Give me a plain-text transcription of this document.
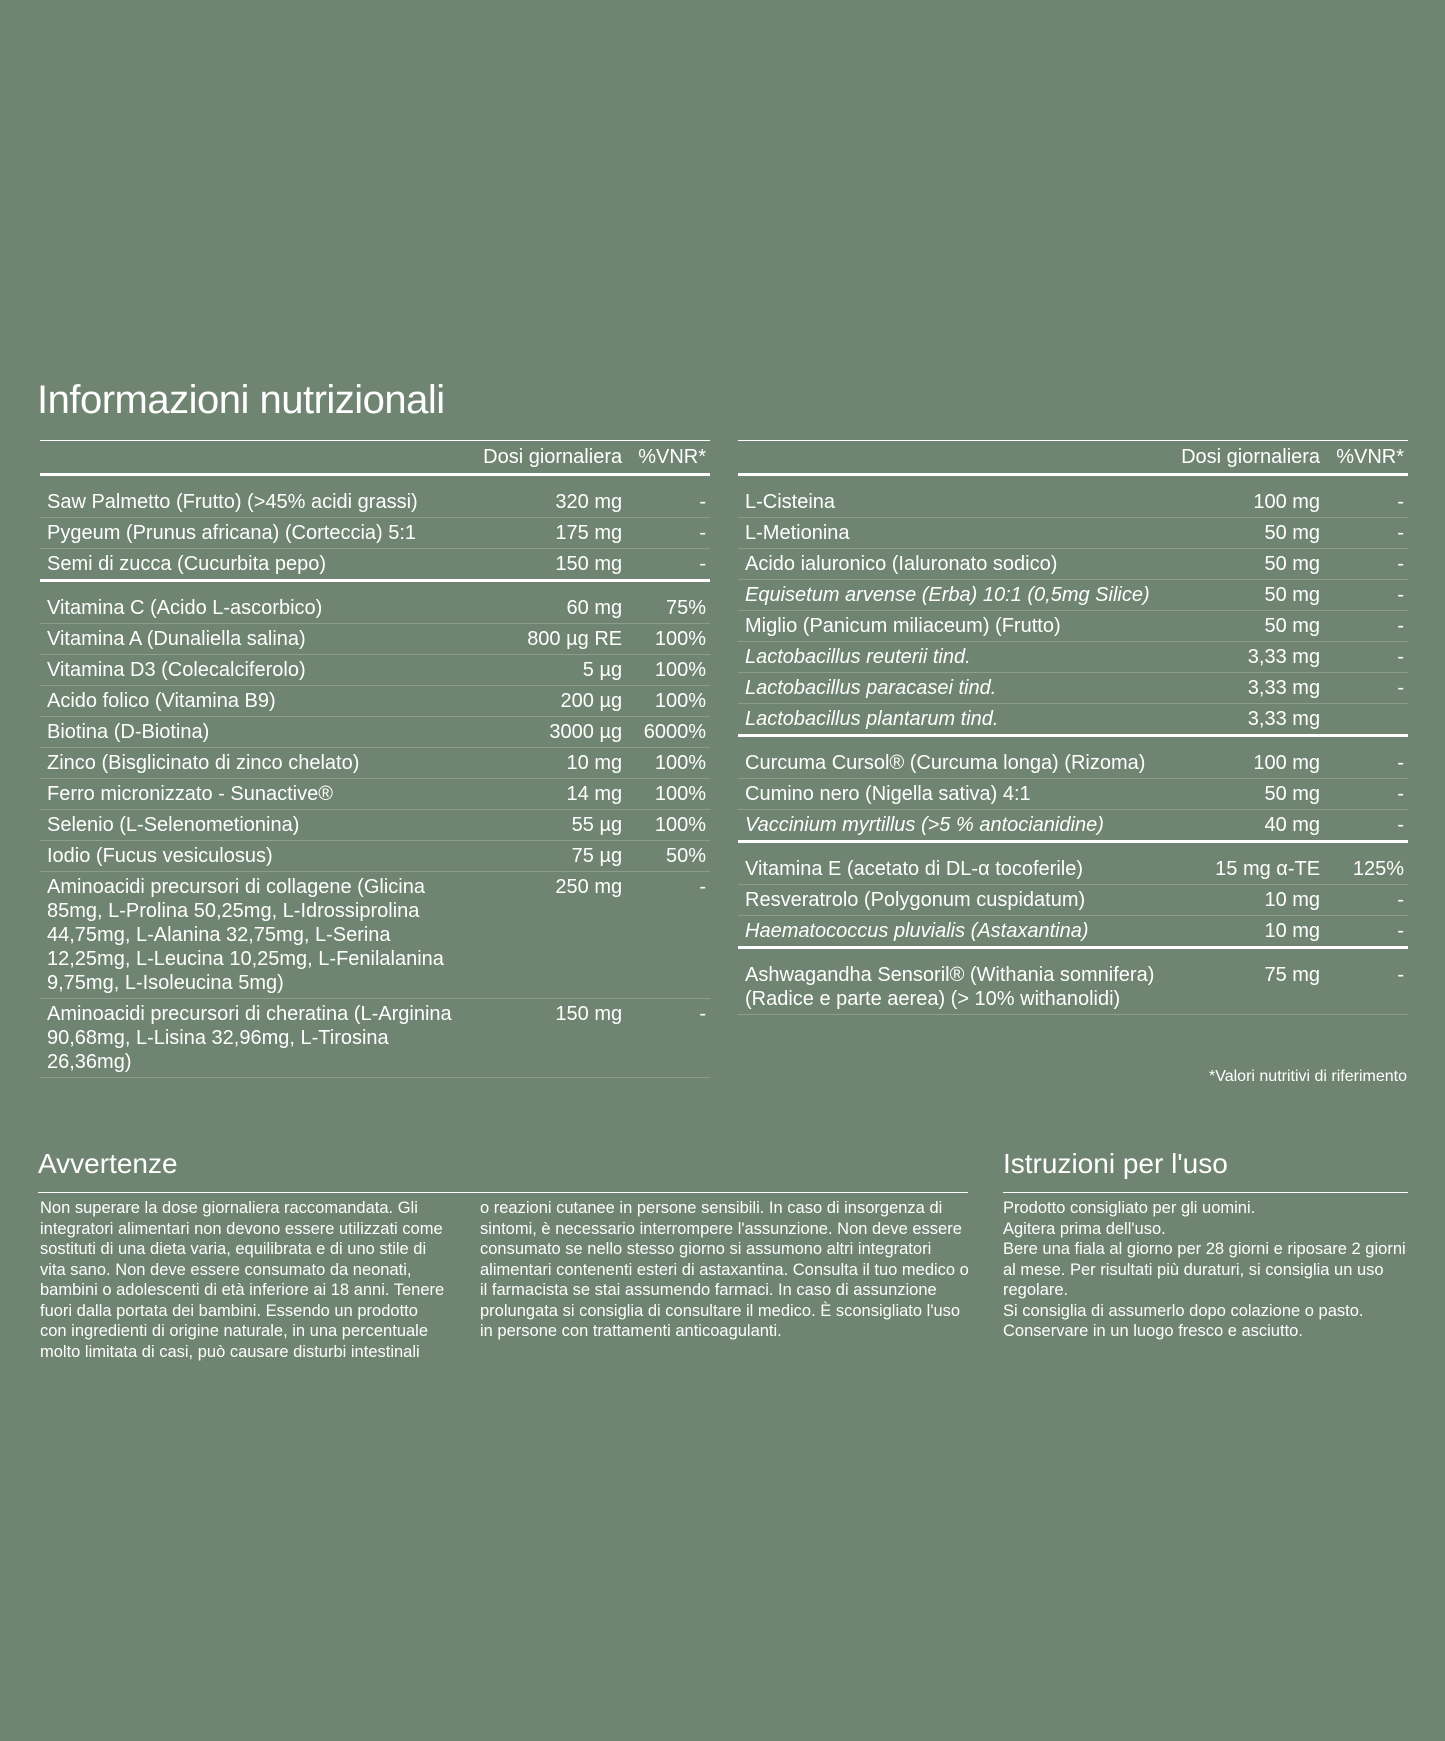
Informazioni nutrizionali
	Dosi giornaliera	%VNR*
Saw Palmetto (Frutto) (>45% acidi grassi)	320 mg	-
Pygeum (Prunus africana) (Corteccia) 5:1	175 mg	-
Semi di zucca (Cucurbita pepo)	150 mg	-
Vitamina C (Acido L-ascorbico)	60 mg	75%
Vitamina A (Dunaliella salina)	800 µg RE	100%
Vitamina D3 (Colecalciferolo)	5 µg	100%
Acido folico (Vitamina B9)	200 µg	100%
Biotina (D-Biotina)	3000 µg	6000%
Zinco (Bisglicinato di zinco chelato)	10 mg	100%
Ferro micronizzato - Sunactive®	14 mg	100%
Selenio (L-Selenometionina)	55 µg	100%
Iodio (Fucus vesiculosus)	75 µg	50%
Aminoacidi precursori di collagene (Glicina 85mg, L-Prolina 50,25mg, L-Idrossiprolina 44,75mg, L-Alanina 32,75mg, L-Serina 12,25mg, L-Leucina 10,25mg, L-Fenilalanina 9,75mg, L-Isoleucina 5mg)	250 mg	-
Aminoacidi precursori di cheratina (L-Arginina 90,68mg, L-Lisina 32,96mg, L-Tirosina 26,36mg)	150 mg	-
	Dosi giornaliera	%VNR*
L-Cisteina	100 mg	-
L-Metionina	50 mg	-
Acido ialuronico (Ialuronato sodico)	50 mg	-
Equisetum arvense (Erba) 10:1 (0,5mg Silice)	50 mg	-
Miglio (Panicum miliaceum) (Frutto)	50 mg	-
Lactobacillus reuterii tind.	3,33 mg	-
Lactobacillus paracasei tind.	3,33 mg	-
Lactobacillus plantarum tind.	3,33 mg	
Curcuma Cursol® (Curcuma longa) (Rizoma)	100 mg	-
Cumino nero (Nigella sativa) 4:1	50 mg	-
Vaccinium myrtillus (>5 % antocianidine)	40 mg	-
Vitamina E (acetato di DL-α tocoferile)	15 mg α-TE	125%
Resveratrolo (Polygonum cuspidatum)	10 mg	-
Haematococcus pluvialis (Astaxantina)	10 mg	-
Ashwagandha Sensoril® (Withania somnifera) (Radice e parte aerea) (> 10% withanolidi)	75 mg	-
*Valori nutritivi di riferimento
Avvertenze

Non superare la dose giornaliera raccomandata. Gli integratori alimentari non devono essere utilizzati come sostituti di una dieta varia, equilibrata e di uno stile di vita sano. Non deve essere consumato da neonati, bambini o adolescenti di età inferiore ai 18 anni. Tenere fuori dalla portata dei bambini. Essendo un prodotto con ingredienti di origine naturale, in una percentuale molto limitata di casi, può causare disturbi intestinali

o reazioni cutanee in persone sensibili. In caso di insorgenza di sintomi, è necessario interrompere l'assunzione. Non deve essere consumato se nello stesso giorno si assumono altri integratori alimentari contenenti esteri di astaxantina. Consulta il tuo medico o il farmacista se stai assumendo farmaci. In caso di assunzione prolungata si consiglia di consultare il medico. È sconsigliato l'uso in persone con trattamenti anticoagulanti.

Istruzioni per l'uso
Prodotto consigliato per gli uomini.
Agitera prima dell'uso.
Bere una fiala al giorno per 28 giorni e riposare 2 giorni al mese. Per risultati più duraturi, si consiglia un uso regolare.
Si consiglia di assumerlo dopo colazione o pasto.
Conservare in un luogo fresco e asciutto.
